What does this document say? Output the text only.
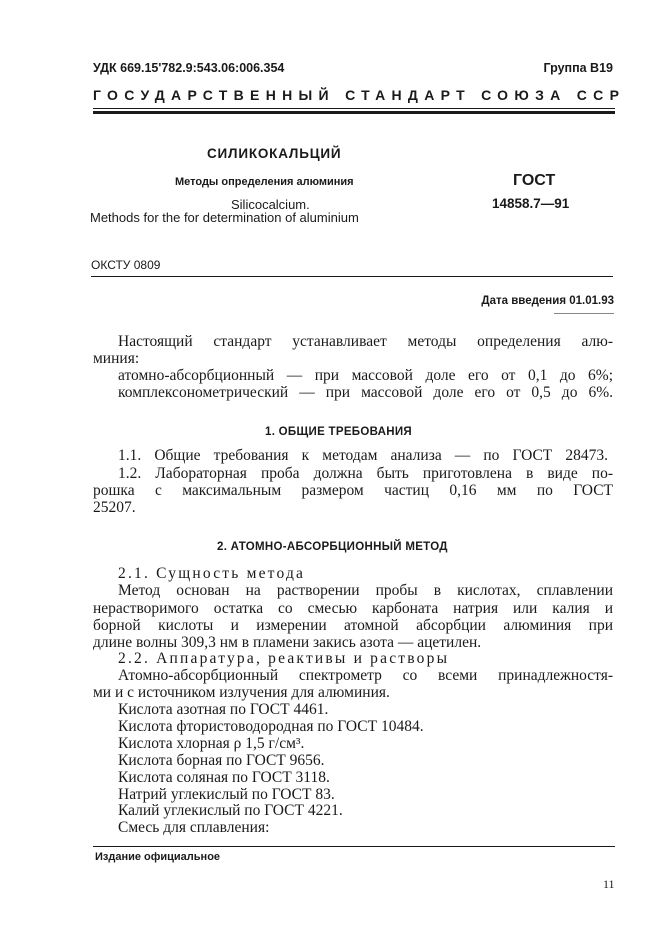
УДК 669.15'782.9:543.06:006.354	Группа В19
ГОСУДАРСТВЕННЫЙ СТАНДАРТ СОЮЗА ССР
СИЛИКОКАЛЬЦИЙ
Методы определения алюминия
Silicocalcium.
Methods for the for determination of aluminium
ГОСТ
14858.7—91
ОКСТУ 0809
Дата введения 01.01.93
Настоящий стандарт устанавливает методы определения алю-
миния:
атомно-абсорбционный — при массовой доле его от 0,1 до 6%;
комплексонометрический — при массовой доле его от 0,5 до 6%.
1. ОБЩИЕ ТРЕБОВАНИЯ
1.1. Общие требования к методам анализа — по ГОСТ 28473.
1.2. Лабораторная проба должна быть приготовлена в виде по-
рошка с максимальным размером частиц 0,16 мм по ГОСТ
25207.
2. АТОМНО-АБСОРБЦИОННЫЙ МЕТОД
2.1. Сущность метода
Метод основан на растворении пробы в кислотах, сплавлении
нерастворимого остатка со смесью карбоната натрия или калия и
борной кислоты и измерении атомной абсорбции алюминия при
длине волны 309,3 нм в пламени закись азота — ацетилен.
2.2. Аппаратура, реактивы и растворы
Атомно-абсорбционный спектрометр со всеми принадлежностя-
ми и с источником излучения для алюминия.
Кислота азотная по ГОСТ 4461.
Кислота фтористоводородная по ГОСТ 10484.
Кислота хлорная ρ 1,5 г/см³.
Кислота борная по ГОСТ 9656.
Кислота соляная по ГОСТ 3118.
Натрий углекислый по ГОСТ 83.
Калий углекислый по ГОСТ 4221.
Смесь для сплавления:
Издание официальное
11
